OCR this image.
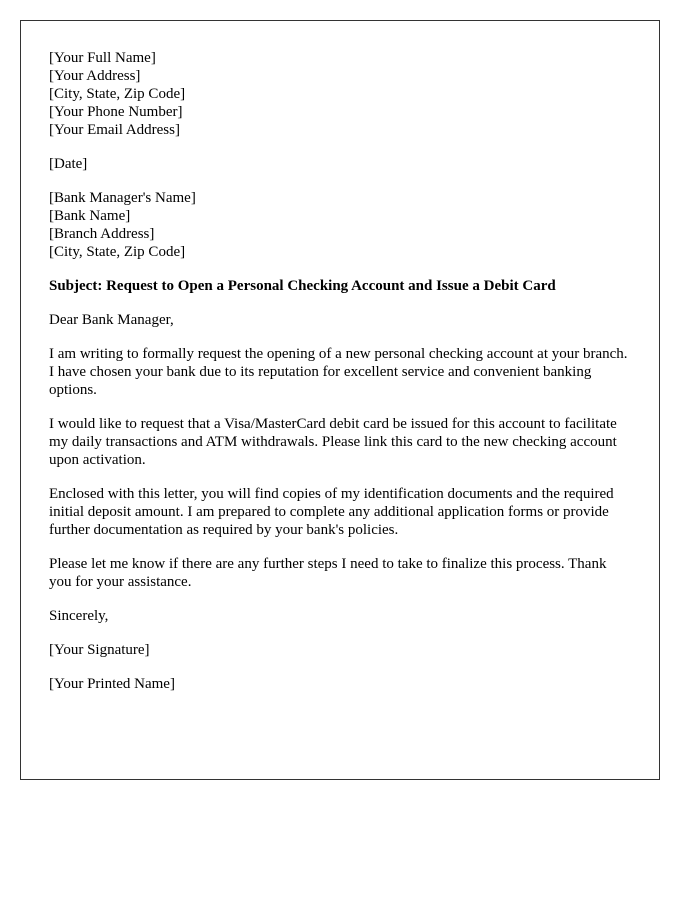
[Your Full Name]
[Your Address]
[City, State, Zip Code]
[Your Phone Number]
[Your Email Address]
[Date]
[Bank Manager's Name]
[Bank Name]
[Branch Address]
[City, State, Zip Code]
Subject: Request to Open a Personal Checking Account and Issue a Debit Card

Dear Bank Manager,

I am writing to formally request the opening of a new personal checking account at your branch. I have chosen your bank due to its reputation for excellent service and convenient banking options.

I would like to request that a Visa/MasterCard debit card be issued for this account to facilitate my daily transactions and ATM withdrawals. Please link this card to the new checking account upon activation.

Enclosed with this letter, you will find copies of my identification documents and the required initial deposit amount. I am prepared to complete any additional application forms or provide further documentation as required by your bank's policies.

Please let me know if there are any further steps I need to take to finalize this process. Thank you for your assistance.

Sincerely,

[Your Signature]

[Your Printed Name]
